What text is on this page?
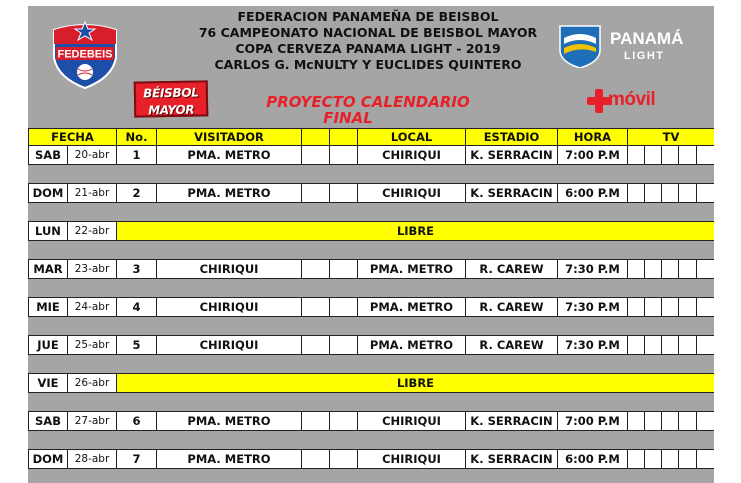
FEDEBEIS
FEDERACION PANAMEÑA DE BEISBOL
76 CAMPEONATO NACIONAL DE BEISBOL MAYOR
COPA CERVEZA PANAMA LIGHT - 2019
CARLOS G. McNULTY Y EUCLIDES QUINTERO
PANAMÁ
LIGHT
BÉISBOL
MAYOR	PROYECTO CALENDARIO
FINAL
móvil
FECHA		No.	VISITADOR			LOCAL	ESTADIO	HORA	TV				
SAB	20-abr	1	PMA. METRO			CHIRIQUI	K. SERRACIN	7:00 P.M					

DOM	21-abr	2	PMA. METRO			CHIRIQUI	K. SERRACIN	6:00 P.M					

LUN	22-abr	LIBRE											

MAR	23-abr	3	CHIRIQUI			PMA. METRO	R. CAREW	7:30 P.M					

MIE	24-abr	4	CHIRIQUI			PMA. METRO	R. CAREW	7:30 P.M					

JUE	25-abr	5	CHIRIQUI			PMA. METRO	R. CAREW	7:30 P.M					

VIE	26-abr	LIBRE											

SAB	27-abr	6	PMA. METRO			CHIRIQUI	K. SERRACIN	7:00 P.M					

DOM	28-abr	7	PMA. METRO			CHIRIQUI	K. SERRACIN	6:00 P.M					
